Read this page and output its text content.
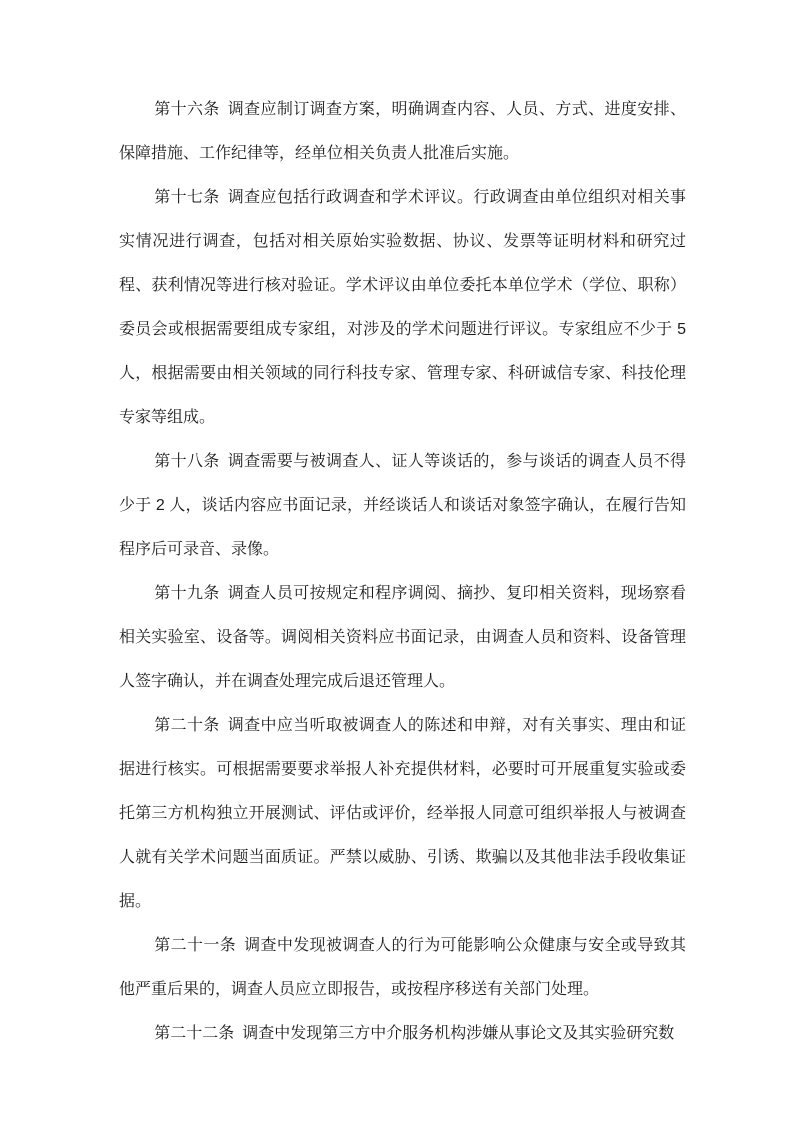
第十六条 调查应制订调查方案，明确调查内容、人员、方式、进度安排、保障措施、工作纪律等，经单位相关负责人批准后实施。

第十七条 调查应包括行政调查和学术评议。行政调查由单位组织对相关事实情况进行调查，包括对相关原始实验数据、协议、发票等证明材料和研究过程、获利情况等进行核对验证。学术评议由单位委托本单位学术（学位、职称）委员会或根据需要组成专家组，对涉及的学术问题进行评议。专家组应不少于 5 人，根据需要由相关领域的同行科技专家、管理专家、科研诚信专家、科技伦理专家等组成。

第十八条 调查需要与被调查人、证人等谈话的，参与谈话的调查人员不得少于 2 人，谈话内容应书面记录，并经谈话人和谈话对象签字确认，在履行告知程序后可录音、录像。

第十九条 调查人员可按规定和程序调阅、摘抄、复印相关资料，现场察看相关实验室、设备等。调阅相关资料应书面记录，由调查人员和资料、设备管理人签字确认，并在调查处理完成后退还管理人。

第二十条 调查中应当听取被调查人的陈述和申辩，对有关事实、理由和证据进行核实。可根据需要要求举报人补充提供材料，必要时可开展重复实验或委托第三方机构独立开展测试、评估或评价，经举报人同意可组织举报人与被调查人就有关学术问题当面质证。严禁以威胁、引诱、欺骗以及其他非法手段收集证据。

第二十一条 调查中发现被调查人的行为可能影响公众健康与安全或导致其他严重后果的，调查人员应立即报告，或按程序移送有关部门处理。

第二十二条 调查中发现第三方中介服务机构涉嫌从事论文及其实验研究数
